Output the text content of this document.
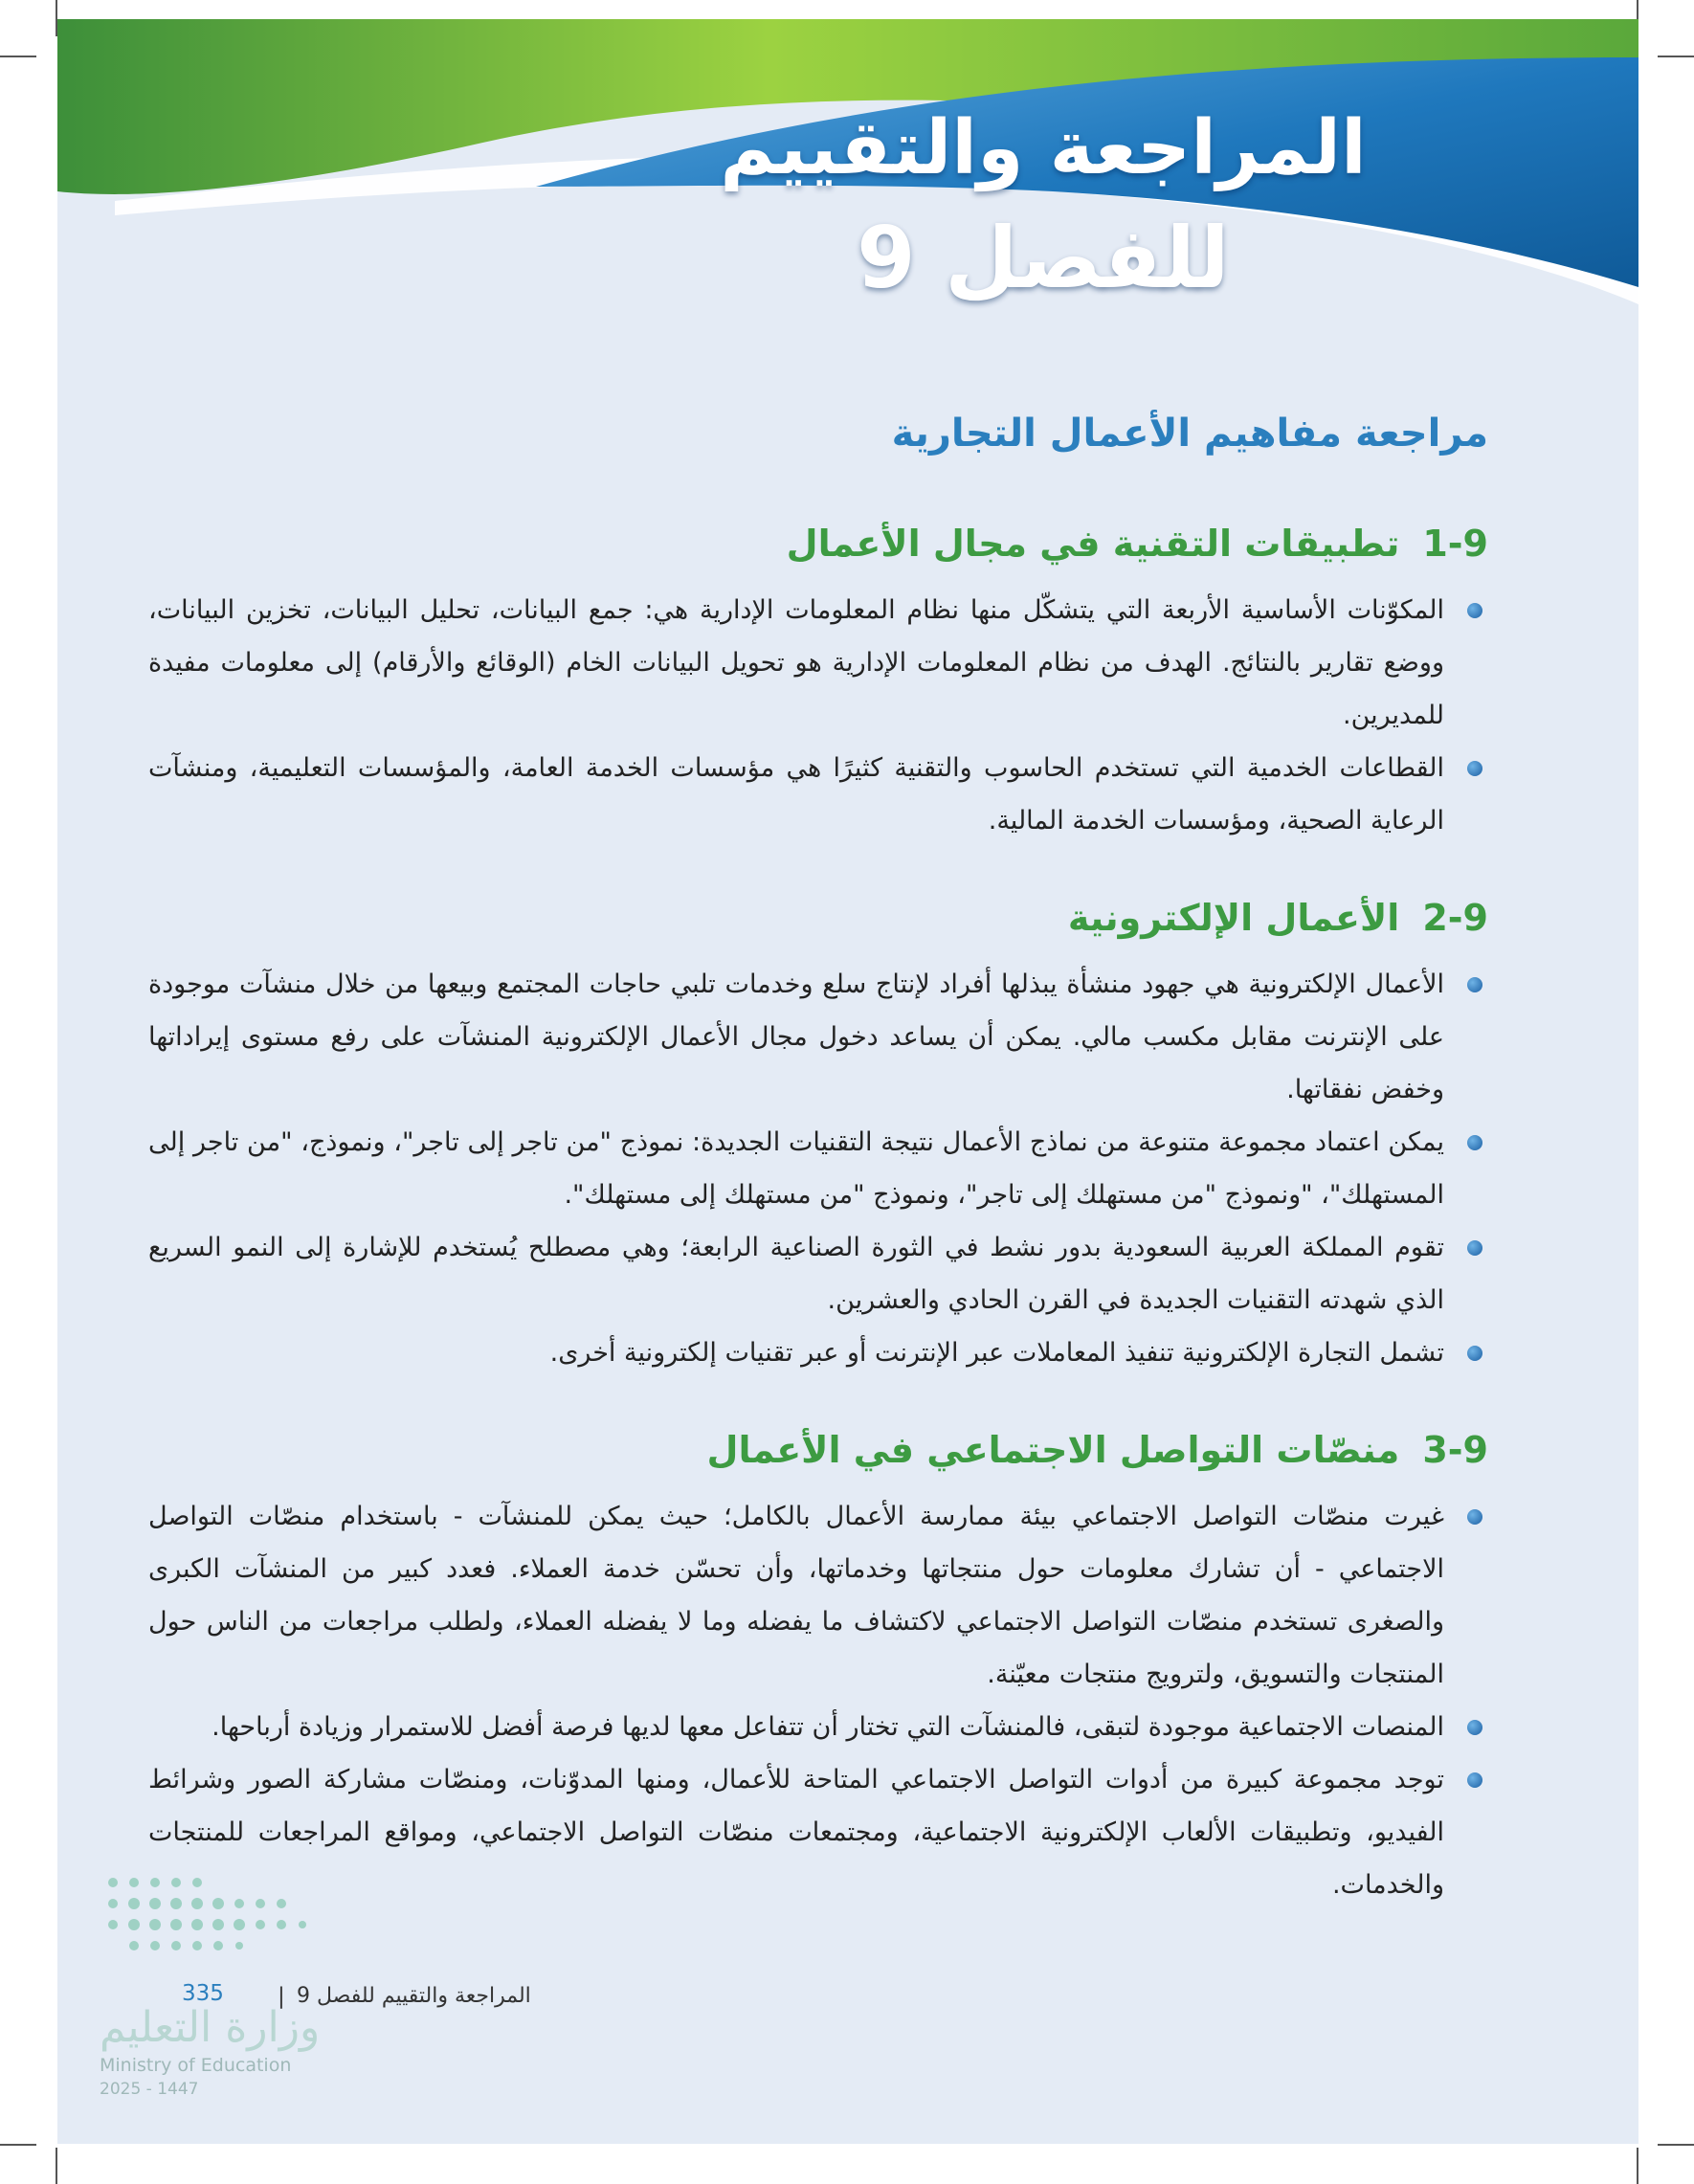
المراجعة والتقييم
للفصل 9
مراجعة مفاهيم الأعمال التجارية
1-9
تطبيقات التقنية في مجال الأعمال

المكوّنات الأساسية الأربعة التي يتشكّل منها نظام المعلومات الإدارية هي: جمع البيانات، تحليل البيانات، تخزين البيانات، ووضع تقارير بالنتائج. الهدف من نظام المعلومات الإدارية هو تحويل البيانات الخام (الوقائع والأرقام) إلى معلومات مفيدة للمديرين.

القطاعات الخدمية التي تستخدم الحاسوب والتقنية كثيرًا هي مؤسسات الخدمة العامة، والمؤسسات التعليمية، ومنشآت الرعاية الصحية، ومؤسسات الخدمة المالية.

2-9
الأعمال الإلكترونية

الأعمال الإلكترونية هي جهود منشأة يبذلها أفراد لإنتاج سلع وخدمات تلبي حاجات المجتمع وبيعها من خلال منشآت موجودة على الإنترنت مقابل مكسب مالي. يمكن أن يساعد دخول مجال الأعمال الإلكترونية المنشآت على رفع مستوى إيراداتها وخفض نفقاتها.

يمكن اعتماد مجموعة متنوعة من نماذج الأعمال نتيجة التقنيات الجديدة: نموذج "من تاجر إلى تاجر"، ونموذج، "من تاجر إلى المستهلك"، "ونموذج "من مستهلك إلى تاجر"، ونموذج "من مستهلك إلى مستهلك".

تقوم المملكة العربية السعودية بدور نشط في الثورة الصناعية الرابعة؛ وهي مصطلح يُستخدم للإشارة إلى النمو السريع الذي شهدته التقنيات الجديدة في القرن الحادي والعشرين.

تشمل التجارة الإلكترونية تنفيذ المعاملات عبر الإنترنت أو عبر تقنيات إلكترونية أخرى.

3-9
منصّات التواصل الاجتماعي في الأعمال

غيرت منصّات التواصل الاجتماعي بيئة ممارسة الأعمال بالكامل؛ حيث يمكن للمنشآت - باستخدام منصّات التواصل الاجتماعي - أن تشارك معلومات حول منتجاتها وخدماتها، وأن تحسّن خدمة العملاء. فعدد كبير من المنشآت الكبرى والصغرى تستخدم منصّات التواصل الاجتماعي لاكتشاف ما يفضله وما لا يفضله العملاء، ولطلب مراجعات من الناس حول المنتجات والتسويق، ولترويج منتجات معيّنة.

المنصات الاجتماعية موجودة لتبقى، فالمنشآت التي تختار أن تتفاعل معها لديها فرصة أفضل للاستمرار وزيادة أرباحها.

توجد مجموعة كبيرة من أدوات التواصل الاجتماعي المتاحة للأعمال، ومنها المدوّنات، ومنصّات مشاركة الصور وشرائط الفيديو، وتطبيقات الألعاب الإلكترونية الاجتماعية، ومجتمعات منصّات التواصل الاجتماعي، ومواقع المراجعات للمنتجات والخدمات.

335 | المراجعة والتقييم للفصل 9
وزارة التعليم
Ministry of Education
2025 - 1447
